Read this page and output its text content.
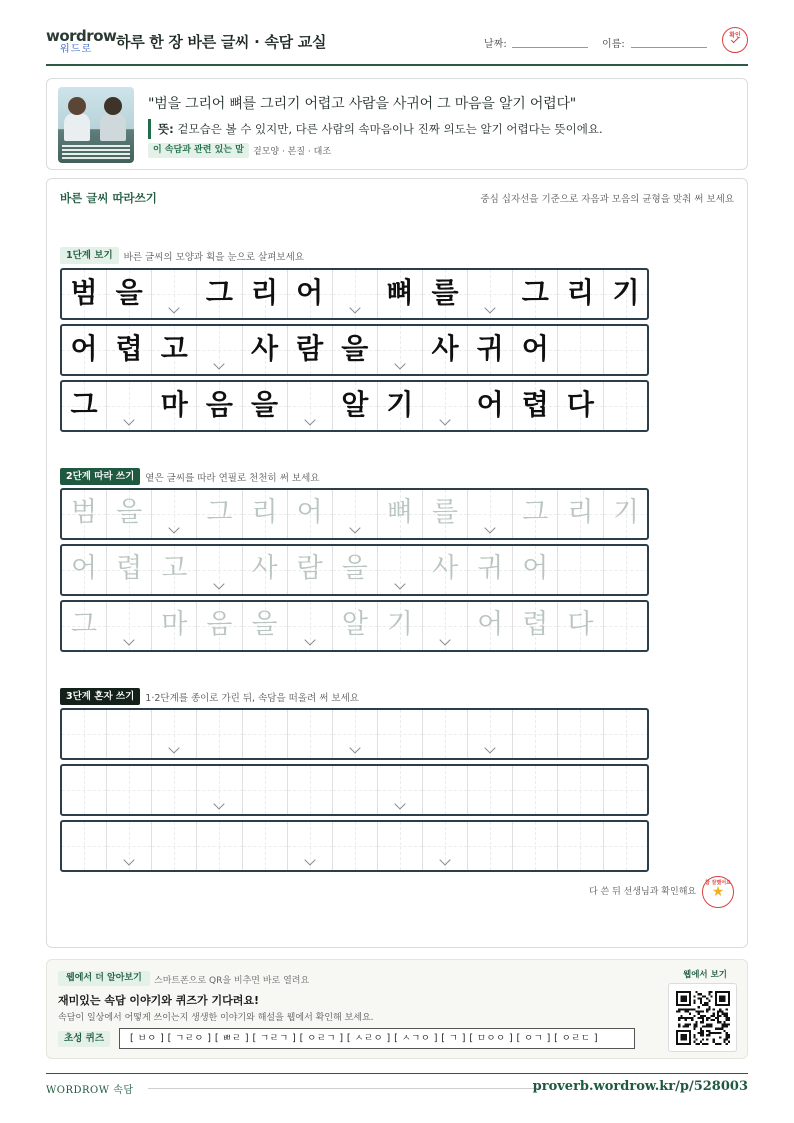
wordrow
워드로	하루 한 장 바른 글씨 · 속담 교실	날짜:	이름:
확인
"범을 그리어 뼈를 그리기 어렵고 사람을 사귀어 그 마음을 알기 어렵다"
뜻: 겉모습은 볼 수 있지만, 다른 사람의 속마음이나 진짜 의도는 알기 어렵다는 뜻이에요.
이 속담과 관련 있는 말	겉모양 · 본질 · 대조
바른 글씨 따라쓰기	중심 십자선을 기준으로 자음과 모음의 균형을 맞춰 써 보세요
1단계 보기 바른 글씨의 모양과 획을 눈으로 살펴보세요
2단계 따라 쓰기 옅은 글씨를 따라 연필로 천천히 써 보세요
3단계 혼자 쓰기 1·2단계를 종이로 가린 뒤, 속담을 떠올려 써 보세요
범 을	그 리 어	뼈 를	그 리 기
어 렵 고	사 람 을	사 귀 어
그	마 음 을	알 기	어 렵 다
범 을	그 리 어	뼈 를	그 리 기
어 렵 고	사 람 을	사 귀 어
그	마 음 을	알 기	어 렵 다
다 쓴 뒤 선생님과 확인해요
참 잘했어요
★
웹에서 더 알아보기	스마트폰으로 QR을 비추면 바로 열려요
재미있는 속담 이야기와 퀴즈가 기다려요!
속담이 일상에서 어떻게 쓰이는지 생생한 이야기와 해설을 웹에서 확인해 보세요.
초성 퀴즈	[ ㅂㅇ ] [ ㄱㄹㅇ ] [ ㅃㄹ ] [ ㄱㄹㄱ ] [ ㅇㄹㄱ ] [ ㅅㄹㅇ ] [ ㅅㄱㅇ ] [ ㄱ ] [ ㅁㅇㅇ ] [ ㅇㄱ ] [ ㅇㄹㄷ ]
웹에서 보기
WORDROW 속담	proverb.wordrow.kr/p/528003
